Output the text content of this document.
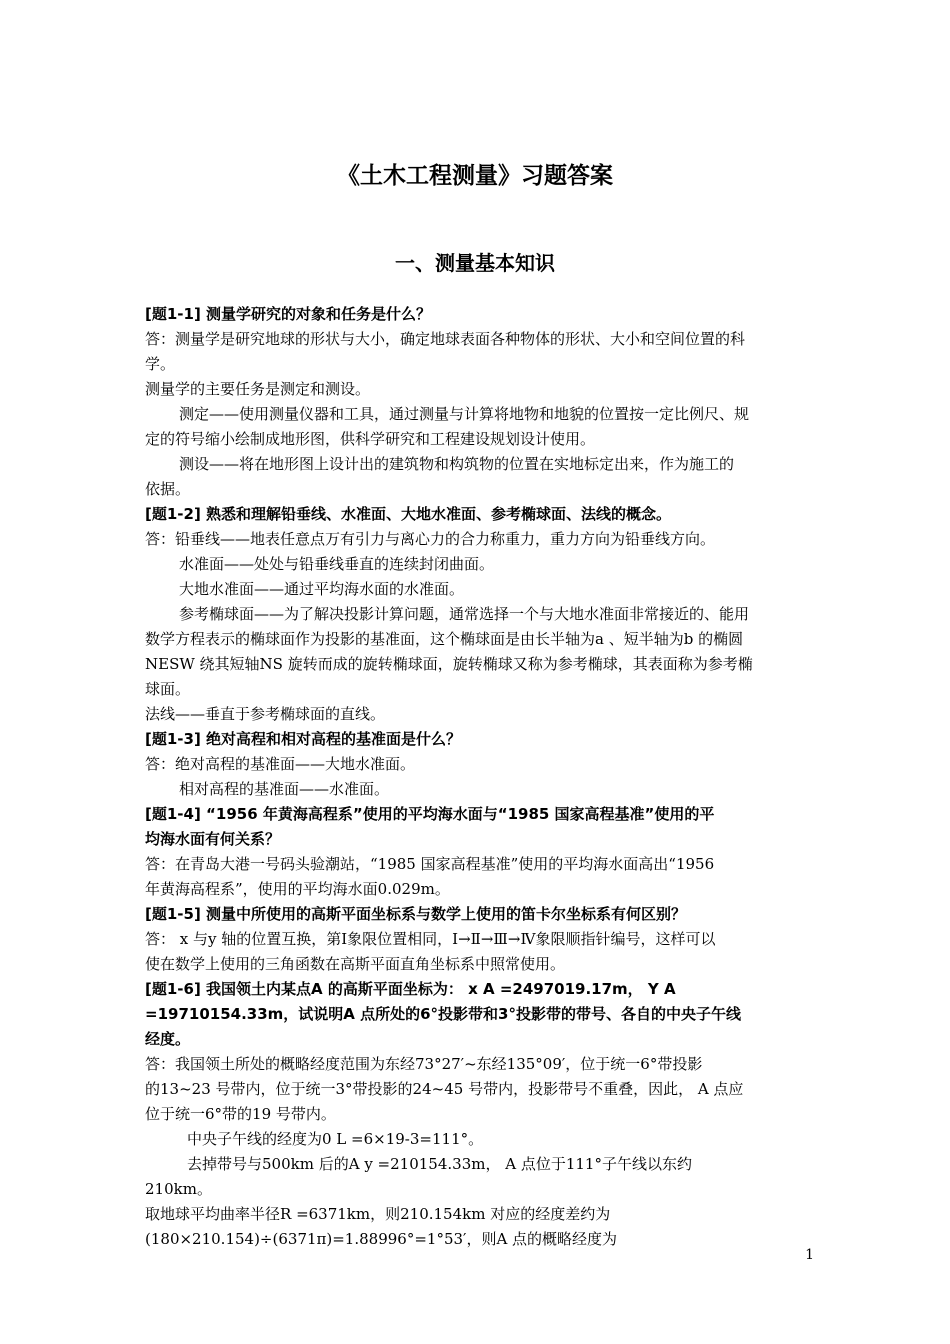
《土木工程测量》习题答案
一、测量基本知识
[题1-1] 测量学研究的对象和任务是什么？
答：测量学是研究地球的形状与大小，确定地球表面各种物体的形状、大小和空间位置的科
学。
测量学的主要任务是测定和测设。
测定——使用测量仪器和工具，通过测量与计算将地物和地貌的位置按一定比例尺、规
定的符号缩小绘制成地形图，供科学研究和工程建设规划设计使用。
测设——将在地形图上设计出的建筑物和构筑物的位置在实地标定出来，作为施工的
依据。
[题1-2] 熟悉和理解铅垂线、水准面、大地水准面、参考椭球面、法线的概念。
答：铅垂线——地表任意点万有引力与离心力的合力称重力，重力方向为铅垂线方向。
水准面——处处与铅垂线垂直的连续封闭曲面。
大地水准面——通过平均海水面的水准面。
参考椭球面——为了解决投影计算问题，通常选择一个与大地水准面非常接近的、能用
数学方程表示的椭球面作为投影的基准面，这个椭球面是由长半轴为a 、短半轴为b 的椭圆
NESW 绕其短轴NS 旋转而成的旋转椭球面，旋转椭球又称为参考椭球，其表面称为参考椭
球面。
法线——垂直于参考椭球面的直线。
[题1-3] 绝对高程和相对高程的基准面是什么？
答：绝对高程的基准面——大地水准面。
相对高程的基准面——水准面。
[题1-4] “1956 年黄海高程系”使用的平均海水面与“1985 国家高程基准”使用的平
均海水面有何关系？
答：在青岛大港一号码头验潮站，“1985 国家高程基准”使用的平均海水面高出“1956
年黄海高程系”，使用的平均海水面0.029m。
[题1-5] 测量中所使用的高斯平面坐标系与数学上使用的笛卡尔坐标系有何区别？
答： x 与y 轴的位置互换，第Ⅰ象限位置相同，Ⅰ→Ⅱ→Ⅲ→Ⅳ象限顺指针编号，这样可以
使在数学上使用的三角函数在高斯平面直角坐标系中照常使用。
[题1-6] 我国领土内某点A 的高斯平面坐标为： x A =2497019.17m， Y A
=19710154.33m，试说明A 点所处的6°投影带和3°投影带的带号、各自的中央子午线
经度。
答：我国领土所处的概略经度范围为东经73°27′~东经135°09′，位于统一6°带投影
的13~23 号带内，位于统一3°带投影的24~45 号带内，投影带号不重叠，因此， A 点应
位于统一6°带的19 号带内。
中央子午线的经度为0 L =6×19-3=111°。
去掉带号与500km 后的A y =210154.33m， A 点位于111°子午线以东约
210km。
取地球平均曲率半径R =6371km，则210.154km 对应的经度差约为
(180×210.154)÷(6371π)=1.88996°=1°53′，则A 点的概略经度为
1
